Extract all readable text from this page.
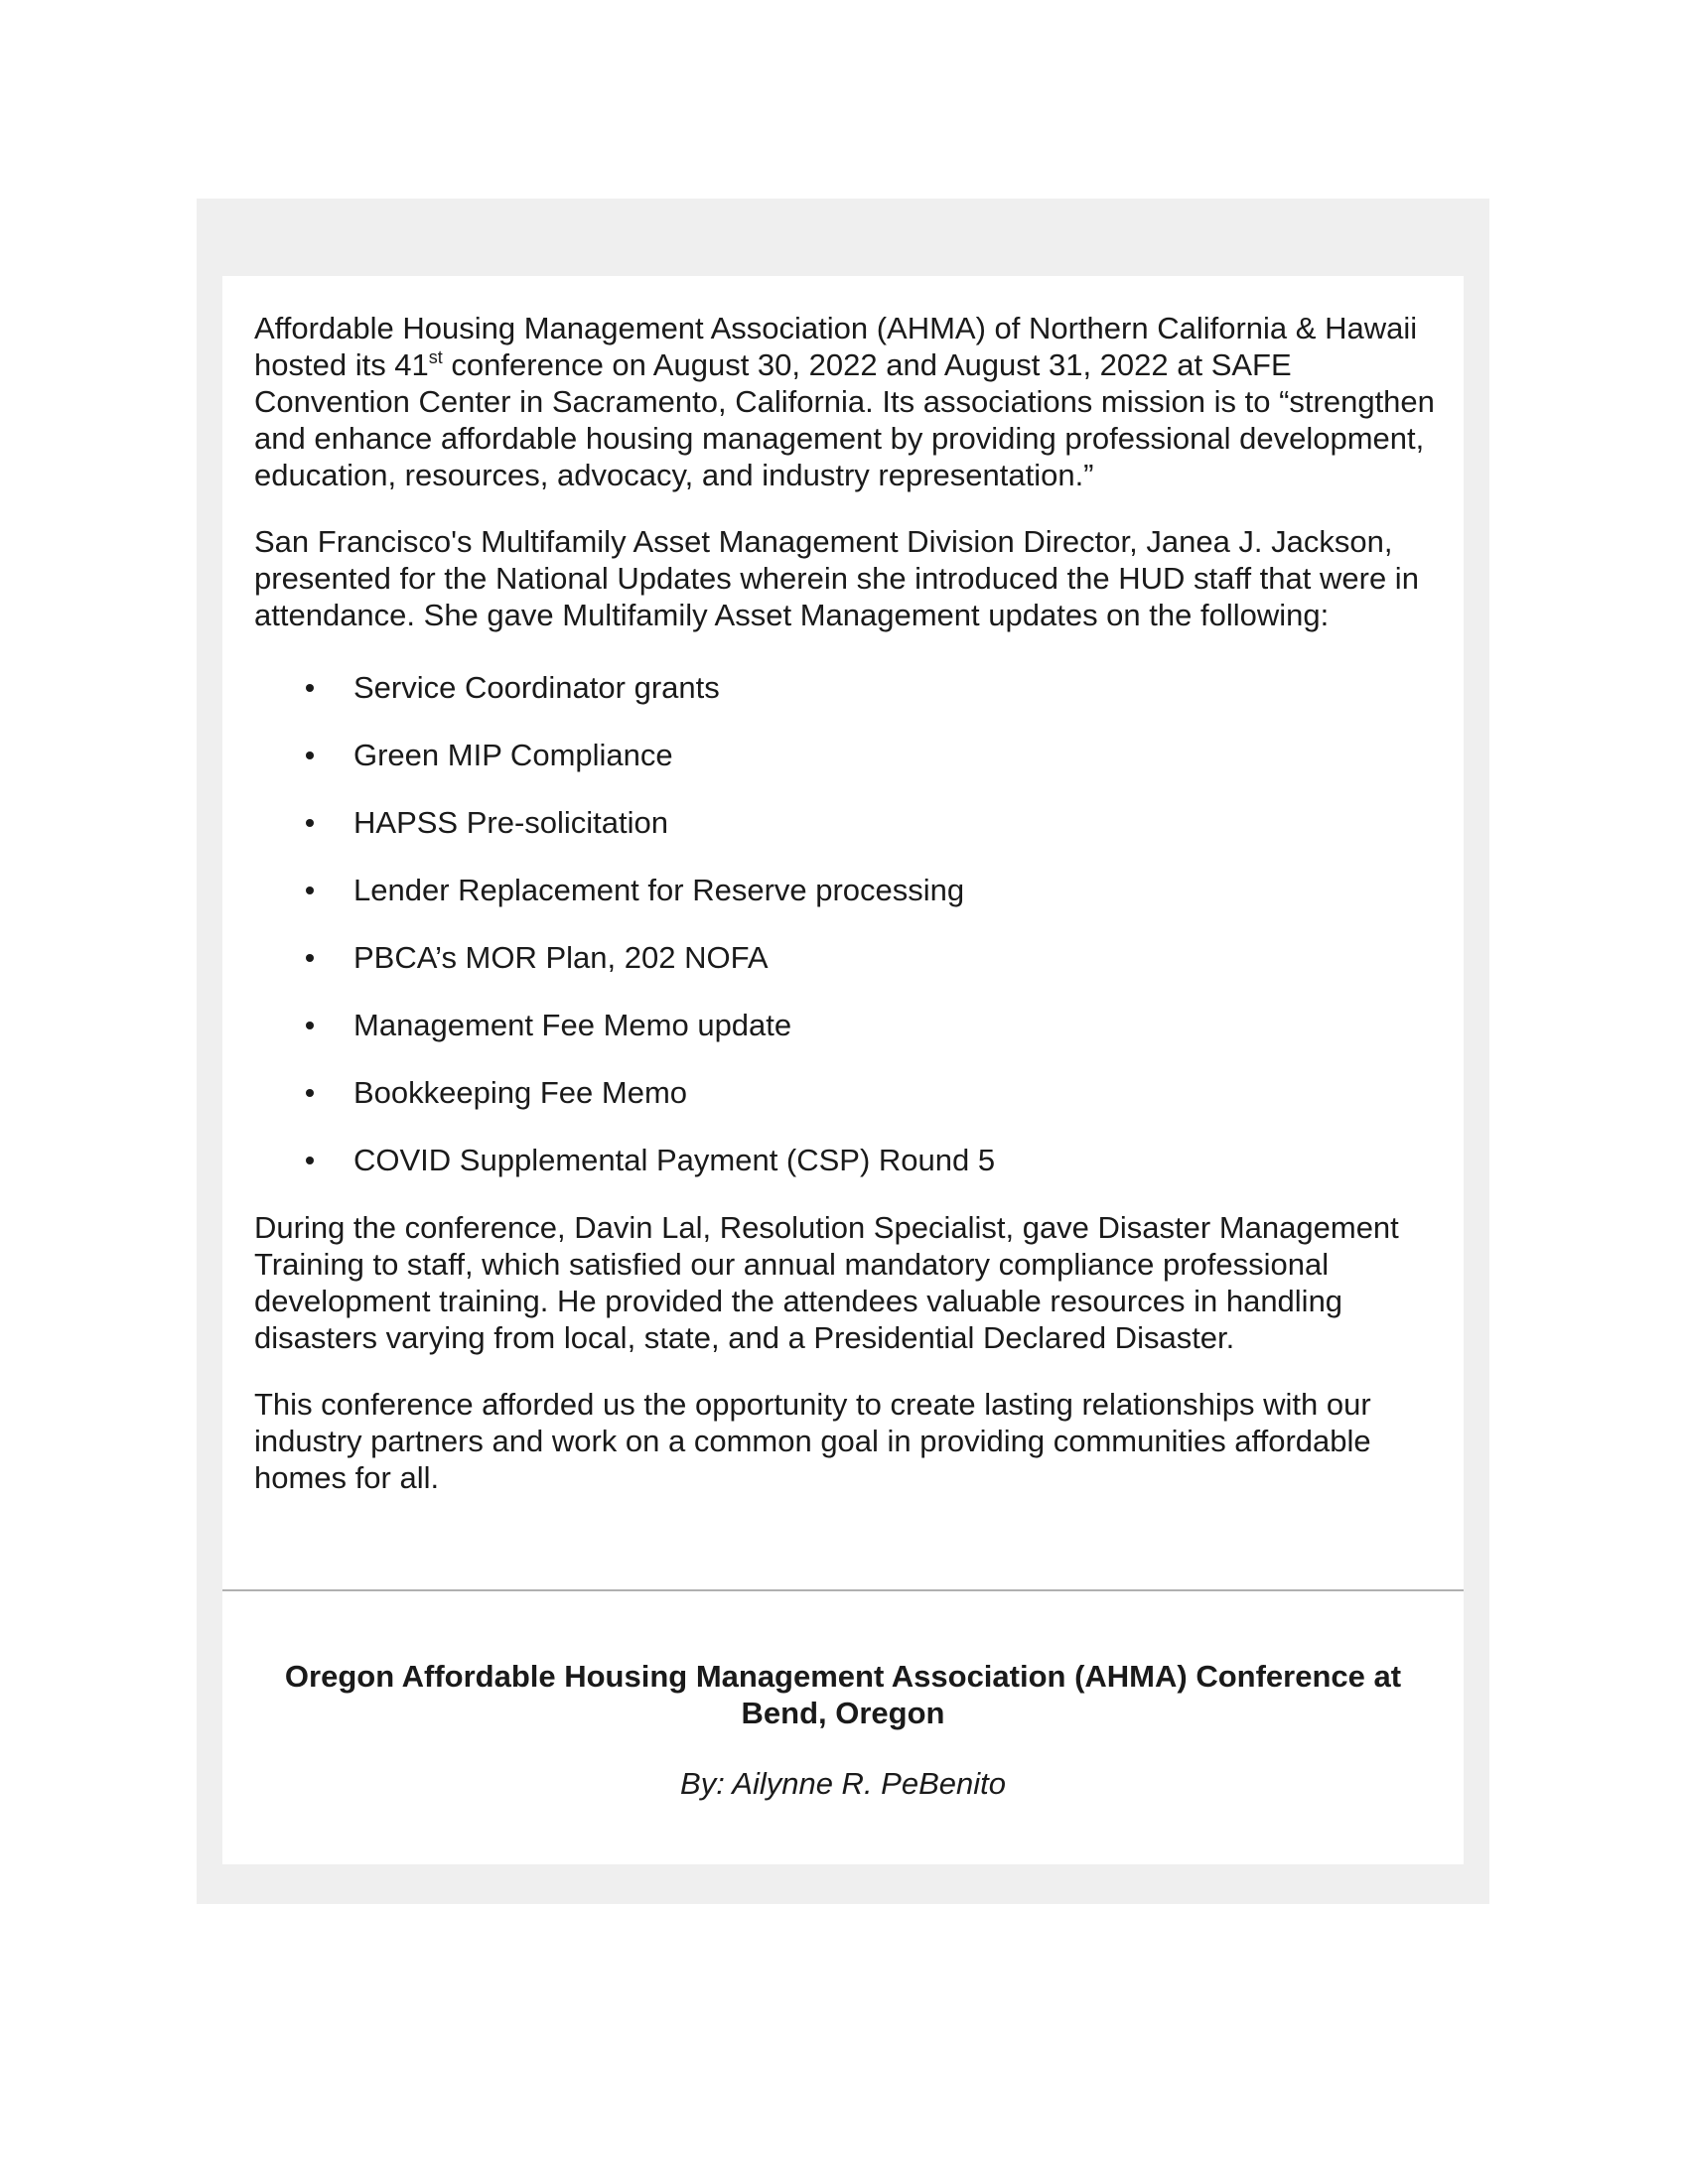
Affordable Housing Management Association (AHMA) of Northern California & Hawaii hosted its 41st conference on August 30, 2022 and August 31, 2022 at SAFE Convention Center in Sacramento, California. Its associations mission is to “strengthen and enhance affordable housing management by providing professional development, education, resources, advocacy, and industry representation.”

San Francisco's Multifamily Asset Management Division Director, Janea J. Jackson, presented for the National Updates wherein she introduced the HUD staff that were in attendance. She gave Multifamily Asset Management updates on the following:

Service Coordinator grants
Green MIP Compliance
HAPSS Pre-solicitation
Lender Replacement for Reserve processing
PBCA’s MOR Plan, 202 NOFA
Management Fee Memo update
Bookkeeping Fee Memo
COVID Supplemental Payment (CSP) Round 5

During the conference, Davin Lal, Resolution Specialist, gave Disaster Management Training to staff, which satisfied our annual mandatory compliance professional development training. He provided the attendees valuable resources in handling disasters varying from local, state, and a Presidential Declared Disaster.

This conference afforded us the opportunity to create lasting relationships with our industry partners and work on a common goal in providing communities affordable homes for all.

Oregon Affordable Housing Management Association (AHMA) Conference at Bend, Oregon
By: Ailynne R. PeBenito
